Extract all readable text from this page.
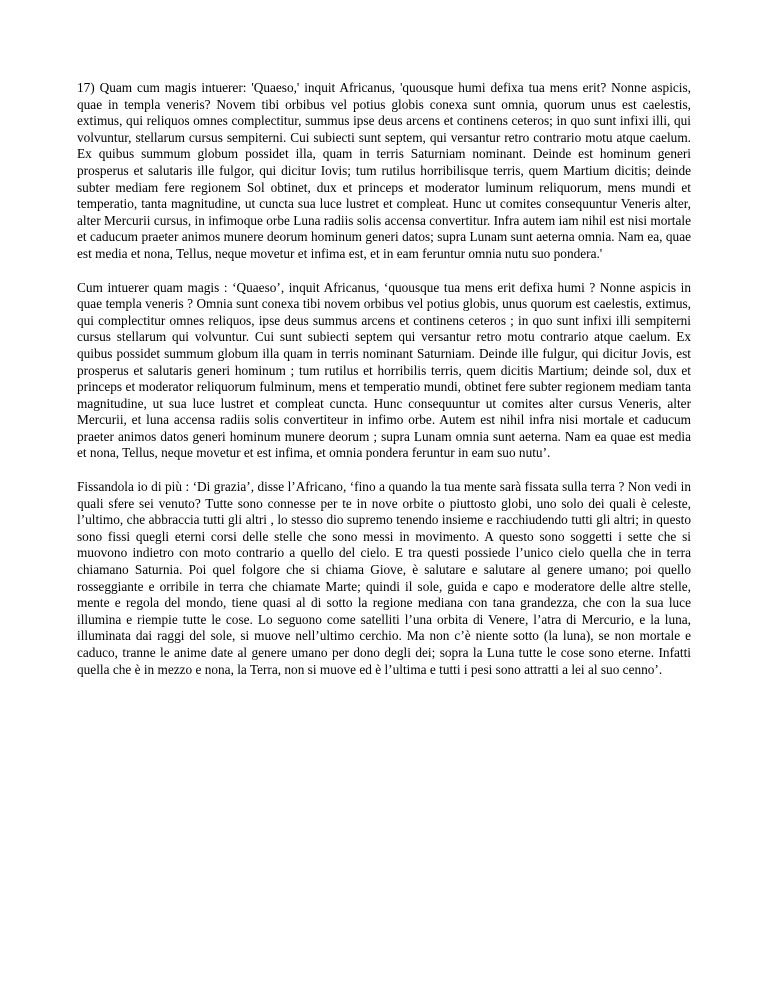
17) Quam cum magis intuerer: 'Quaeso,' inquit Africanus, 'quousque humi defixa tua mens erit? Nonne aspicis, quae in templa veneris? Novem tibi orbibus vel potius globis conexa sunt omnia, quorum unus est caelestis, extimus, qui reliquos omnes complectitur, summus ipse deus arcens et continens ceteros; in quo sunt infixi illi, qui volvuntur, stellarum cursus sempiterni. Cui subiecti sunt septem, qui versantur retro contrario motu atque caelum. Ex quibus summum globum possidet illa, quam in terris Saturniam nominant. Deinde est hominum generi prosperus et salutaris ille fulgor, qui dicitur Iovis; tum rutilus horribilisque terris, quem Martium dicitis; deinde subter mediam fere regionem Sol obtinet, dux et princeps et moderator luminum reliquorum, mens mundi et temperatio, tanta magnitudine, ut cuncta sua luce lustret et compleat. Hunc ut comites consequuntur Veneris alter, alter Mercurii cursus, in infimoque orbe Luna radiis solis accensa convertitur. Infra autem iam nihil est nisi mortale et caducum praeter animos munere deorum hominum generi datos; supra Lunam sunt aeterna omnia. Nam ea, quae est media et nona, Tellus, neque movetur et infima est, et in eam feruntur omnia nutu suo pondera.'

Cum intuerer quam magis : ‘Quaeso’, inquit Africanus, ‘quousque tua mens erit defixa humi ? Nonne aspicis in quae templa veneris ? Omnia sunt conexa tibi novem orbibus vel potius globis, unus quorum est caelestis, extimus, qui complectitur omnes reliquos, ipse deus summus arcens et continens ceteros ; in quo sunt infixi illi sempiterni cursus stellarum qui volvuntur. Cui sunt subiecti septem qui versantur retro motu contrario atque caelum. Ex quibus possidet summum globum illa quam in terris nominant Saturniam. Deinde ille fulgur, qui dicitur Jovis, est prosperus et salutaris generi hominum ; tum rutilus et horribilis terris, quem dicitis Martium; deinde sol, dux et princeps et moderator reliquorum fulminum, mens et temperatio mundi, obtinet fere subter regionem mediam tanta magnitudine, ut sua luce lustret et compleat cuncta. Hunc consequuntur ut comites alter cursus Veneris, alter Mercurii, et luna accensa radiis solis convertiteur in infimo orbe. Autem est nihil infra nisi mortale et caducum praeter animos datos generi hominum munere deorum ; supra Lunam omnia sunt aeterna. Nam ea quae est media et nona, Tellus, neque movetur et est infima, et omnia pondera feruntur in eam suo nutu’.

Fissandola io di più : ‘Di grazia’, disse l’Africano, ‘fino a quando la tua mente sarà fissata sulla terra ? Non vedi in quali sfere sei venuto? Tutte sono connesse per te in nove orbite o piuttosto globi, uno solo dei quali è celeste, l’ultimo, che abbraccia tutti gli altri , lo stesso dio supremo tenendo insieme e racchiudendo tutti gli altri; in questo sono fissi quegli eterni corsi delle stelle che sono messi in movimento. A questo sono soggetti i sette che si muovono indietro con moto contrario a quello del cielo. E tra questi possiede l’unico cielo quella che in terra chiamano Saturnia. Poi quel folgore che si chiama Giove, è salutare e salutare al genere umano; poi quello rosseggiante e orribile in terra che chiamate Marte; quindi il sole, guida e capo e moderatore delle altre stelle, mente e regola del mondo, tiene quasi al di sotto la regione mediana con tana grandezza, che con la sua luce illumina e riempie tutte le cose. Lo seguono come satelliti l’una orbita di Venere, l’atra di Mercurio, e la luna, illuminata dai raggi del sole, si muove nell’ultimo cerchio. Ma non c’è niente sotto (la luna), se non mortale e caduco, tranne le anime date al genere umano per dono degli dei; sopra la Luna tutte le cose sono eterne. Infatti quella che è in mezzo e nona, la Terra, non si muove ed è l’ultima e tutti i pesi sono attratti a lei al suo cenno’.
